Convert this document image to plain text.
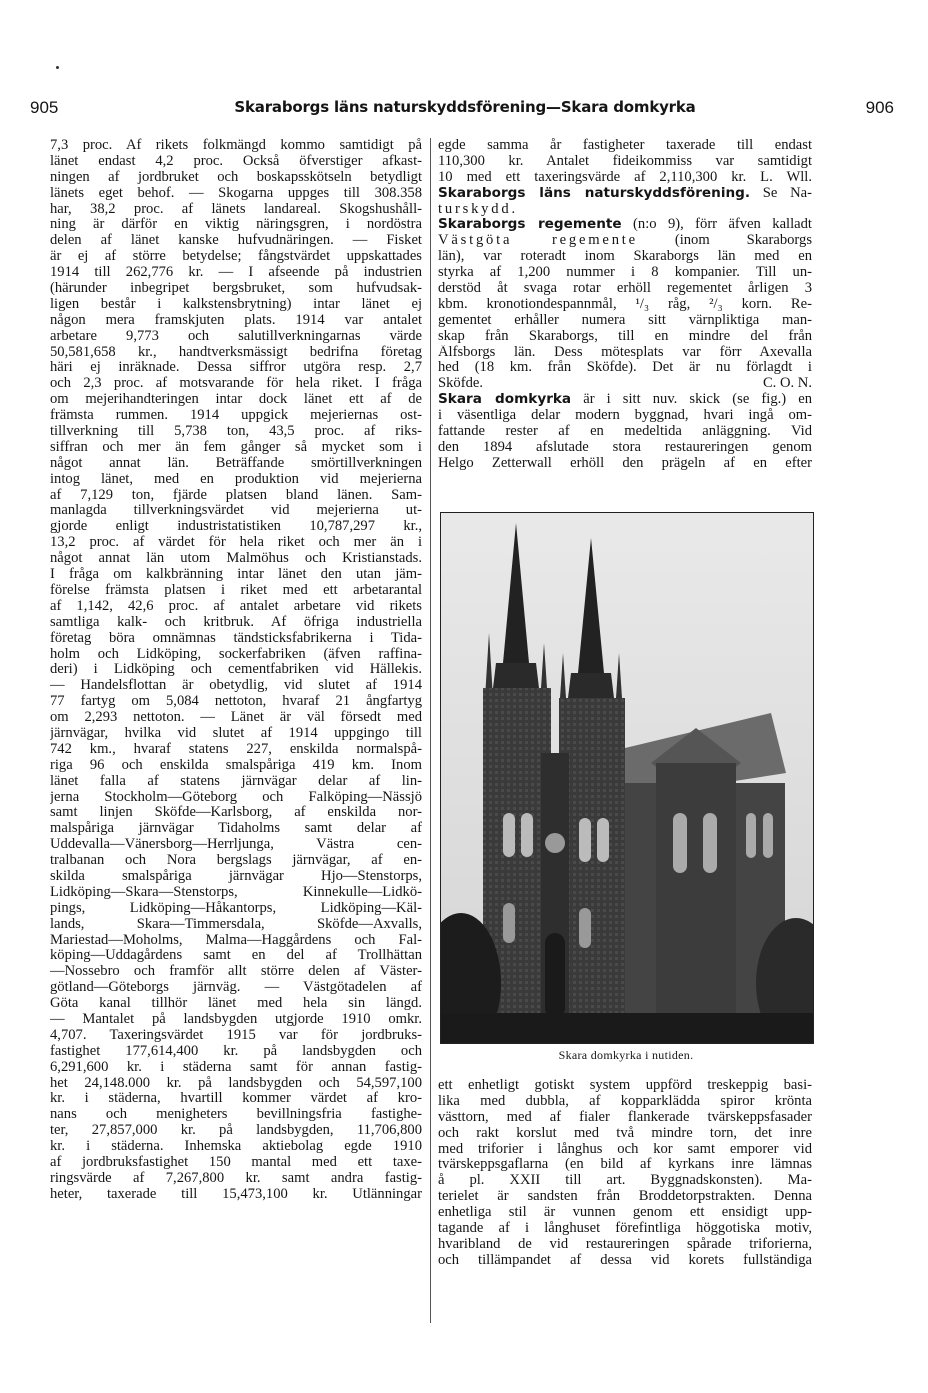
905	Skaraborgs läns naturskyddsförening—Skara domkyrka	906
7,3 proc. Af rikets folkmängd kommo samtidigt på
länet endast 4,2 proc. Också öfverstiger afkast-
ningen af jordbruket och boskapsskötseln betydligt
länets eget behof. — Skogarna uppges till 308.358
har, 38,2 proc. af länets landareal. Skogshushåll-
ning är därför en viktig näringsgren, i nordöstra
delen af länet kanske hufvudnäringen. — Fisket
är ej af större betydelse; fångstvärdet uppskattades
1914 till 262,776 kr. — I afseende på industrien
(härunder inbegripet bergsbruket, som hufvudsak-
ligen består i kalkstensbrytning) intar länet ej
någon mera framskjuten plats. 1914 var antalet
arbetare 9,773 och salutillverkningarnas värde
50,581,658 kr., handtverksmässigt bedrifna företag
häri ej inräknade. Dessa siffror utgöra resp. 2,7
och 2,3 proc. af motsvarande för hela riket. I fråga
om mejerihandteringen intar dock länet ett af de
främsta rummen. 1914 uppgick mejeriernas ost-
tillverkning till 5,738 ton, 43,5 proc. af riks-
siffran och mer än fem gånger så mycket som i
något annat län. Beträffande smörtillverkningen
intog länet, med en produktion vid mejerierna
af 7,129 ton, fjärde platsen bland länen. Sam-
manlagda tillverkningsvärdet vid mejerierna ut-
gjorde enligt industristatistiken 10,787,297 kr.,
13,2 proc. af värdet för hela riket och mer än i
något annat län utom Malmöhus och Kristianstads.
I fråga om kalkbränning intar länet den utan jäm-
förelse främsta platsen i riket med ett arbetarantal
af 1,142, 42,6 proc. af antalet arbetare vid rikets
samtliga kalk- och kritbruk. Af öfriga industriella
företag böra omnämnas tändsticksfabrikerna i Tida-
holm och Lidköping, sockerfabriken (äfven raffina-
deri) i Lidköping och cementfabriken vid Hällekis.
— Handelsflottan är obetydlig, vid slutet af 1914
77 fartyg om 5,084 nettoton, hvaraf 21 ångfartyg
om 2,293 nettoton. — Länet är väl försedt med
järnvägar, hvilka vid slutet af 1914 uppgingo till
742 km., hvaraf statens 227, enskilda normalspå-
riga 96 och enskilda smalspåriga 419 km. Inom
länet falla af statens järnvägar delar af lin-
jerna Stockholm—Göteborg och Falköping—Nässjö
samt linjen Sköfde—Karlsborg, af enskilda nor-
malspåriga järnvägar Tidaholms samt delar af
Uddevalla—Vänersborg—Herrljunga, Västra cen-
tralbanan och Nora bergslags järnvägar, af en-
skilda smalspåriga järnvägar Hjo—Stenstorps,
Lidköping—Skara—Stenstorps, Kinnekulle—Lidkö-
pings, Lidköping—Håkantorps, Lidköping—Käl-
lands, Skara—Timmersdala, Sköfde—Axvalls,
Mariestad—Moholms, Malma—Haggårdens och Fal-
köping—Uddagårdens samt en del af Trollhättan
—Nossebro och framför allt större delen af Väster-
götland—Göteborgs järnväg. — Västgötadelen af
Göta kanal tillhör länet med hela sin längd.
— Mantalet på landsbygden utgjorde 1910 omkr.
4,707. Taxeringsvärdet 1915 var för jordbruks-
fastighet 177,614,400 kr. på landsbygden och
6,291,600 kr. i städerna samt för annan fastig-
het 24,148.000 kr. på landsbygden och 54,597,100
kr. i städerna, hvartill kommer värdet af kro-
nans och menigheters bevillningsfria fastighe-
ter, 27,857,000 kr. på landsbygden, 11,706,800
kr. i städerna. Inhemska aktiebolag egde 1910
af jordbruksfastighet 150 mantal med ett taxe-
ringsvärde af 7,267,800 kr. samt andra fastig-
heter, taxerade till 15,473,100 kr. Utlänningar
egde samma år fastigheter taxerade till endast
110,300 kr. Antalet fideikommiss var samtidigt
10 med ett taxeringsvärde af 2,110,300 kr. L. Wll.
Skaraborgs läns naturskyddsförening. Se Na-
turskydd.
Skaraborgs regemente (n:o 9), förr äfven kalladt
Västgöta regemente (inom Skaraborgs
län), var roteradt inom Skaraborgs län med en
styrka af 1,200 nummer i 8 kompanier. Till un-
derstöd åt svaga rotar erhöll regementet årligen 3
kbm. kronotiondespannmål, ¹/₃ råg, ²/₃ korn. Re-
gementet erhåller numera sitt värnpliktiga man-
skap från Skaraborgs, till en mindre del från
Älfsborgs län. Dess mötesplats var förr Axevalla
hed (18 km. från Sköfde). Det är nu förlagdt i
Sköfde.	C. O. N.
Skara domkyrka är i sitt nuv. skick (se fig.) en
i väsentliga delar modern byggnad, hvari ingå om-
fattande rester af en medeltida anläggning. Vid
den 1894 afslutade stora restaureringen genom
Helgo Zetterwall erhöll den prägeln af en efter
Skara domkyrka i nutiden.
ett enhetligt gotiskt system uppförd treskeppig basi-
lika med dubbla, af kopparklädda spiror krönta
västtorn, med af fialer flankerade tvärskeppsfasader
och rakt korslut med två mindre torn, det inre
med triforier i långhus och kor samt emporer vid
tvärskeppsgaflarna (en bild af kyrkans inre lämnas
å pl. XXII till art. Byggnadskonsten). Ma-
terielet är sandsten från Broddetorpstrakten. Denna
enhetliga stil är vunnen genom ett ensidigt upp-
tagande af i långhuset förefintliga höggotiska motiv,
hvaribland de vid restaureringen spårade triforierna,
och tillämpandet af dessa vid korets fullständiga
